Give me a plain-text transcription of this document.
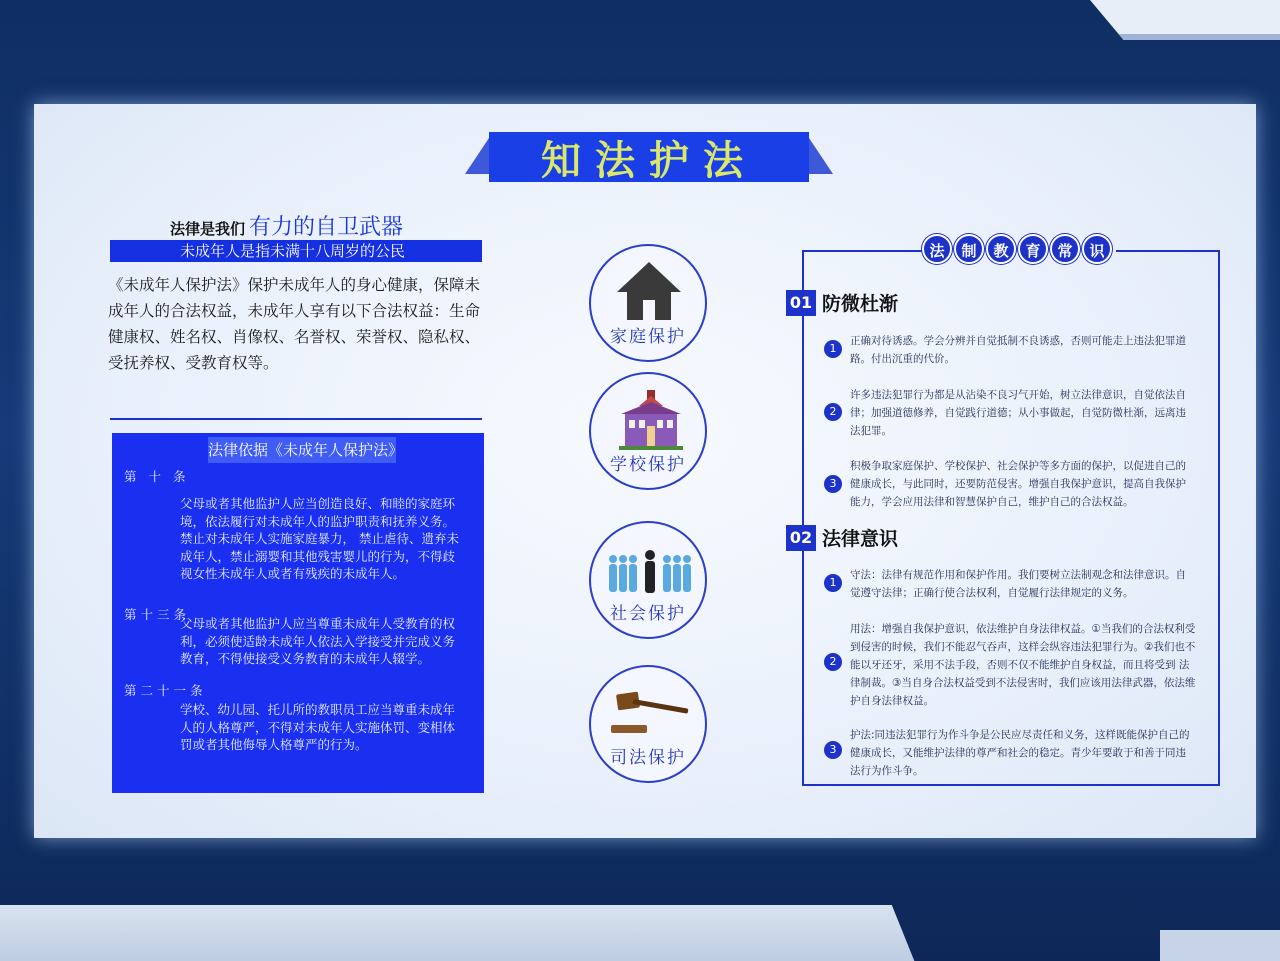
知法护法
法律是我们 有力的自卫武器
未成年人是指未满十八周岁的公民
《未成年人保护法》保护未成年人的身心健康，保障未成年人的合法权益，未成年人享有以下合法权益：生命健康权、姓名权、肖像权、名誉权、荣誉权、隐私权、受抚养权、受教育权等。
法律依据《未成年人保护法》
第 十 条
父母或者其他监护人应当创造良好、和睦的家庭环境，依法履行对未成年人的监护职责和抚养义务。禁止对未成年人实施家庭暴力， 禁止虐待、遗弃未成年人，禁止溺婴和其他残害婴儿的行为，不得歧视女性未成年人或者有残疾的未成年人。
第十三条
父母或者其他监护人应当尊重未成年人受教育的权利，必须使适龄未成年人依法入学接受并完成义务教育，不得使接受义务教育的未成年人辍学。
第二十一条
学校、幼儿园、托儿所的教职员工应当尊重未成年人的人格尊严，不得对未成年人实施体罚、变相体罚或者其他侮辱人格尊严的行为。
家庭保护
学校保护
社会保护
司法保护
法	制	教	育	常	识
01 防微杜渐
1
正确对待诱惑。学会分辨并自觉抵制不良诱惑，否则可能走上违法犯罪道路。付出沉重的代价。
2
许多违法犯罪行为都是从沾染不良习气开始，树立法律意识，自觉依法自律；加强道德修养，自觉践行道德；从小事做起，自觉防微杜渐，远离违法犯罪。
3
积极争取家庭保护、学校保护、社会保护等多方面的保护，以促进自己的健康成长，与此同时，还要防范侵害。增强自我保护意识，提高自我保护能力，学会应用法律和智慧保护自己，维护自己的合法权益。
02 法律意识
1
守法：法律有规范作用和保护作用。我们要树立法制观念和法律意识。自觉遵守法律；正确行使合法权利，自觉履行法律规定的义务。
2
用法：增强自我保护意识，依法维护自身法律权益。①当我们的合法权利受到侵害的时候，我们不能忍气吞声，这样会纵容违法犯罪行为。②我们也不能以牙还牙，采用不法手段，否则不仅不能维护自身权益，而且将受到 法 律制裁。③当自身合法权益受到不法侵害时，我们应该用法律武器，依法维护自身法律权益。
3
护法:同违法犯罪行为作斗争是公民应尽责任和义务，这样既能保护自己的健康成长，又能维护法律的尊严和社会的稳定。青少年要敢于和善于同违法行为作斗争。
